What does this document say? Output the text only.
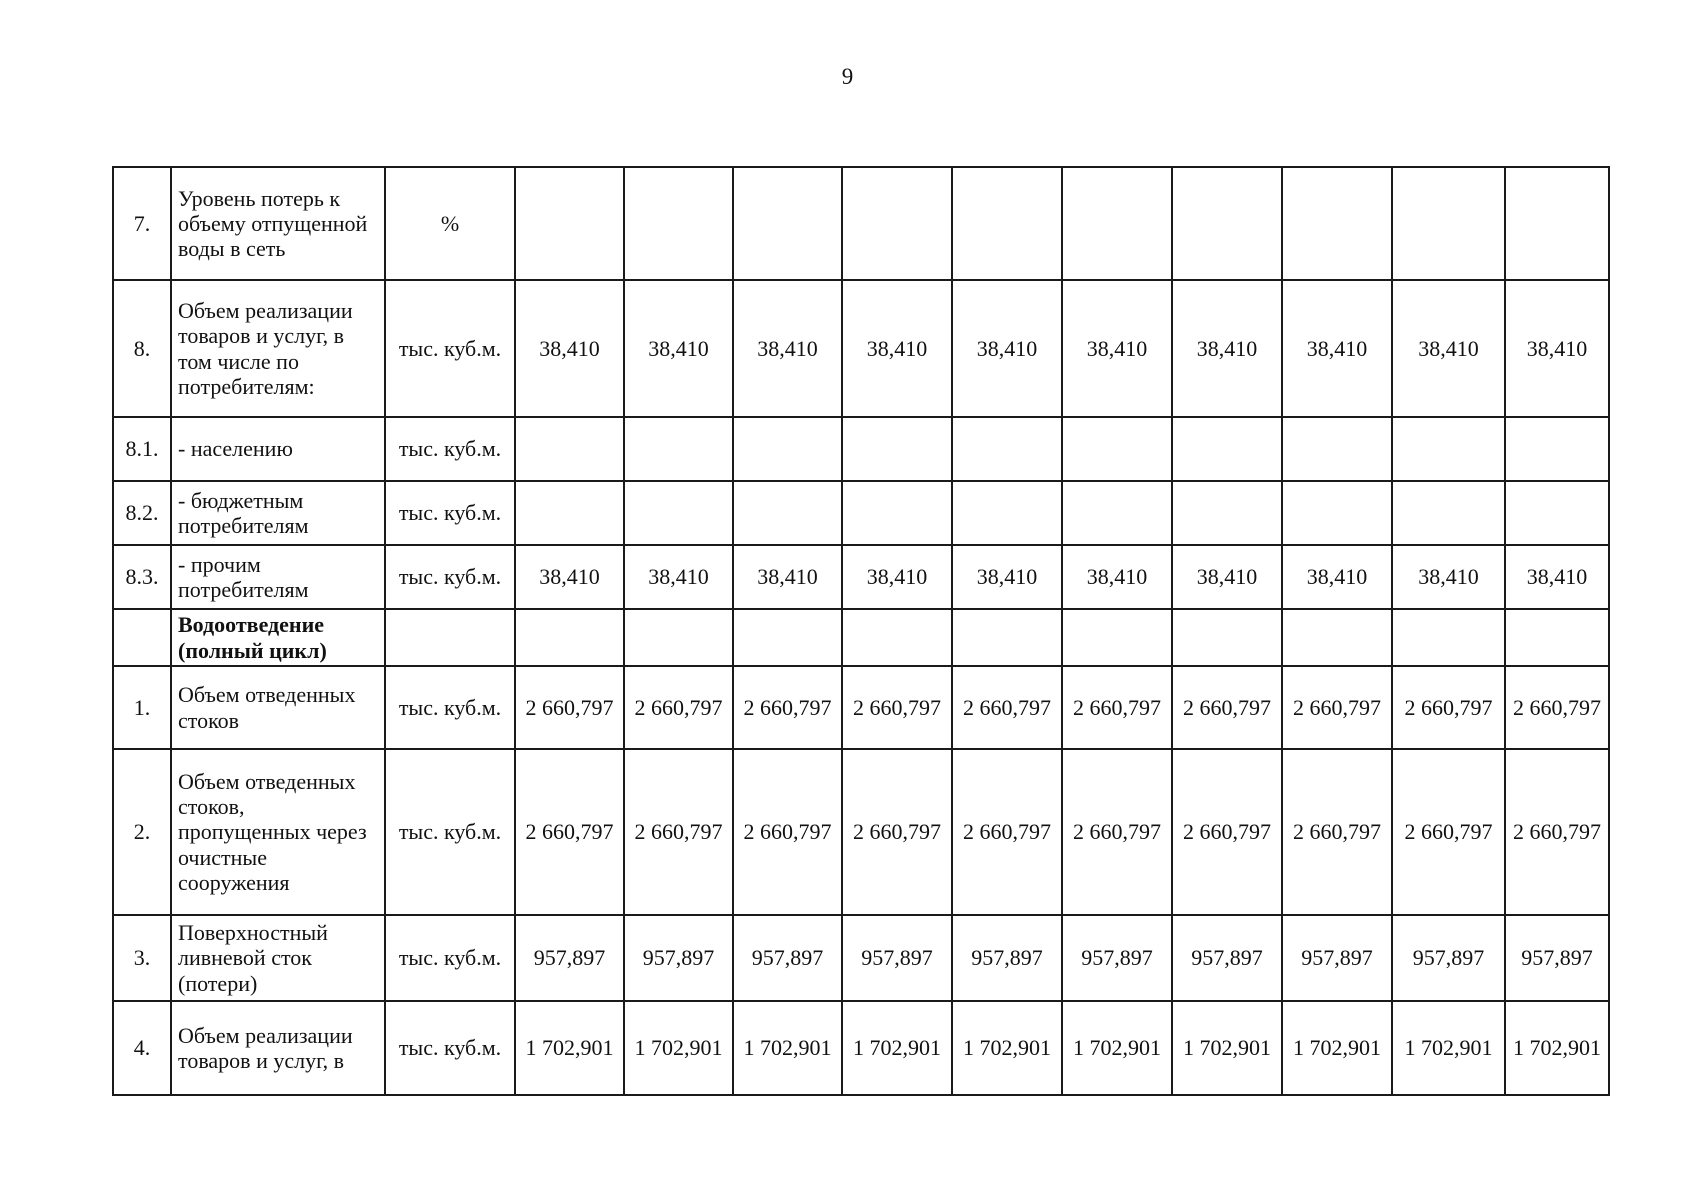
9
7.	Уровень потерь к объему отпущенной воды в сеть	%										
8.	Объем реализации товаров и услуг, в том числе по потребителям:	тыс. куб.м.	38,410	38,410	38,410	38,410	38,410	38,410	38,410	38,410	38,410	38,410
8.1.	- населению	тыс. куб.м.										
8.2.	- бюджетным потребителям	тыс. куб.м.										
8.3.	- прочим потребителям	тыс. куб.м.	38,410	38,410	38,410	38,410	38,410	38,410	38,410	38,410	38,410	38,410
	Водоотведение (полный цикл)											
1.	Объем отведенных стоков	тыс. куб.м.	2 660,797	2 660,797	2 660,797	2 660,797	2 660,797	2 660,797	2 660,797	2 660,797	2 660,797	2 660,797
2.	Объем отведенных стоков, пропущенных через очистные сооружения	тыс. куб.м.	2 660,797	2 660,797	2 660,797	2 660,797	2 660,797	2 660,797	2 660,797	2 660,797	2 660,797	2 660,797
3.	Поверхностный ливневой сток (потери)	тыс. куб.м.	957,897	957,897	957,897	957,897	957,897	957,897	957,897	957,897	957,897	957,897
4.	Объем реализации товаров и услуг, в	тыс. куб.м.	1 702,901	1 702,901	1 702,901	1 702,901	1 702,901	1 702,901	1 702,901	1 702,901	1 702,901	1 702,901
